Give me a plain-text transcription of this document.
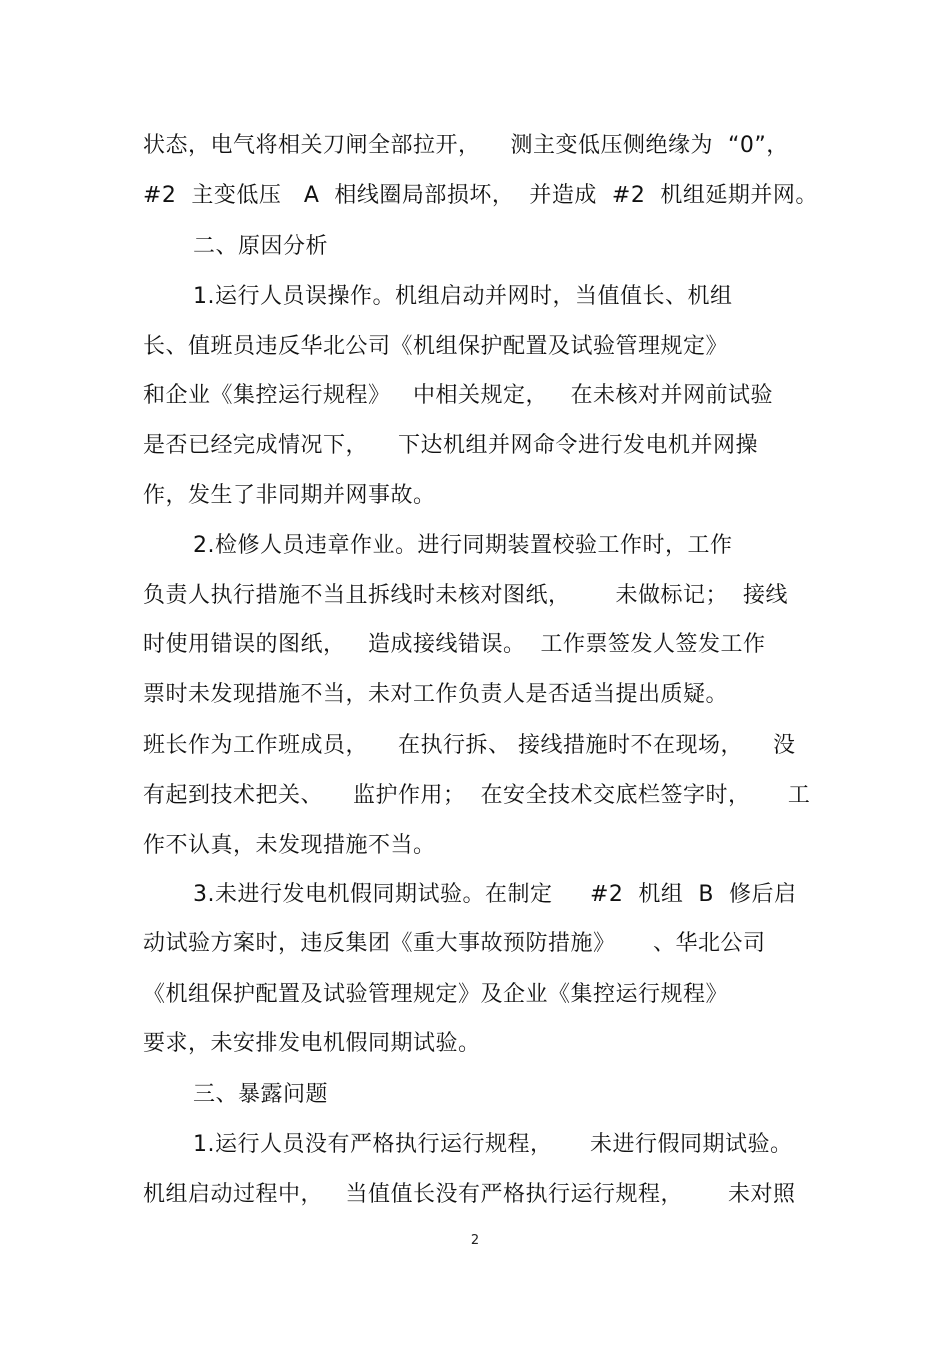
状态，电气将相关刀闸全部拉开，    测主变低压侧绝缘为  “0”，
#2  主变低压   A  相线圈局部损坏，  并造成  #2  机组延期并网。
二、原因分析
1.运行人员误操作。机组启动并网时，当值值长、机组
长、值班员违反华北公司《机组保护配置及试验管理规定》
和企业《集控运行规程》   中相关规定，   在未核对并网前试验
是否已经完成情况下，    下达机组并网命令进行发电机并网操
作，发生了非同期并网事故。
2.检修人员违章作业。进行同期装置校验工作时，工作
负责人执行措施不当且拆线时未核对图纸，      未做标记；  接线
时使用错误的图纸，   造成接线错误。  工作票签发人签发工作
票时未发现措施不当，未对工作负责人是否适当提出质疑。
班长作为工作班成员，    在执行拆、 接线措施时不在现场，    没
有起到技术把关、    监护作用；  在安全技术交底栏签字时，     工
作不认真，未发现措施不当。
3.未进行发电机假同期试验。在制定     #2  机组  B  修后启
动试验方案时，违反集团《重大事故预防措施》     、华北公司
《机组保护配置及试验管理规定》及企业《集控运行规程》
要求，未安排发电机假同期试验。
三、暴露问题
1.运行人员没有严格执行运行规程，     未进行假同期试验。
机组启动过程中，   当值值长没有严格执行运行规程，      未对照
2
